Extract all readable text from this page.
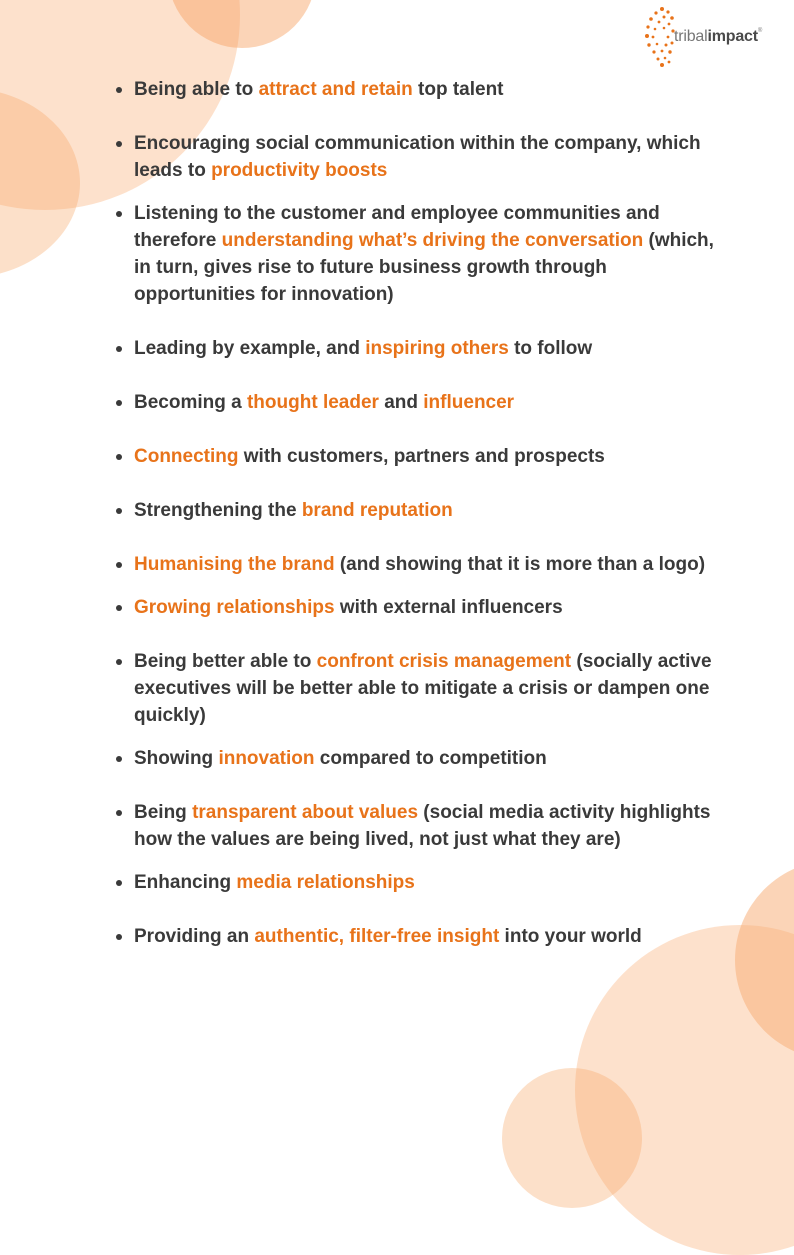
tribalimpact®
Being able to attract and retain top talent
Encouraging social communication within the company, which leads to productivity boosts
Listening to the customer and employee communities and therefore understanding what’s driving the conversation (which, in turn, gives rise to future business growth through opportunities for innovation)
Leading by example, and inspiring others to follow
Becoming a thought leader and influencer
Connecting with customers, partners and prospects
Strengthening the brand reputation
Humanising the brand (and showing that it is more than a logo)
Growing relationships with external influencers
Being better able to confront crisis management (socially active executives will be better able to mitigate a crisis or dampen one quickly)
Showing innovation compared to competition
Being transparent about values (social media activity highlights how the values are being lived, not just what they are)
Enhancing media relationships
Providing an authentic, filter-free insight into your world
